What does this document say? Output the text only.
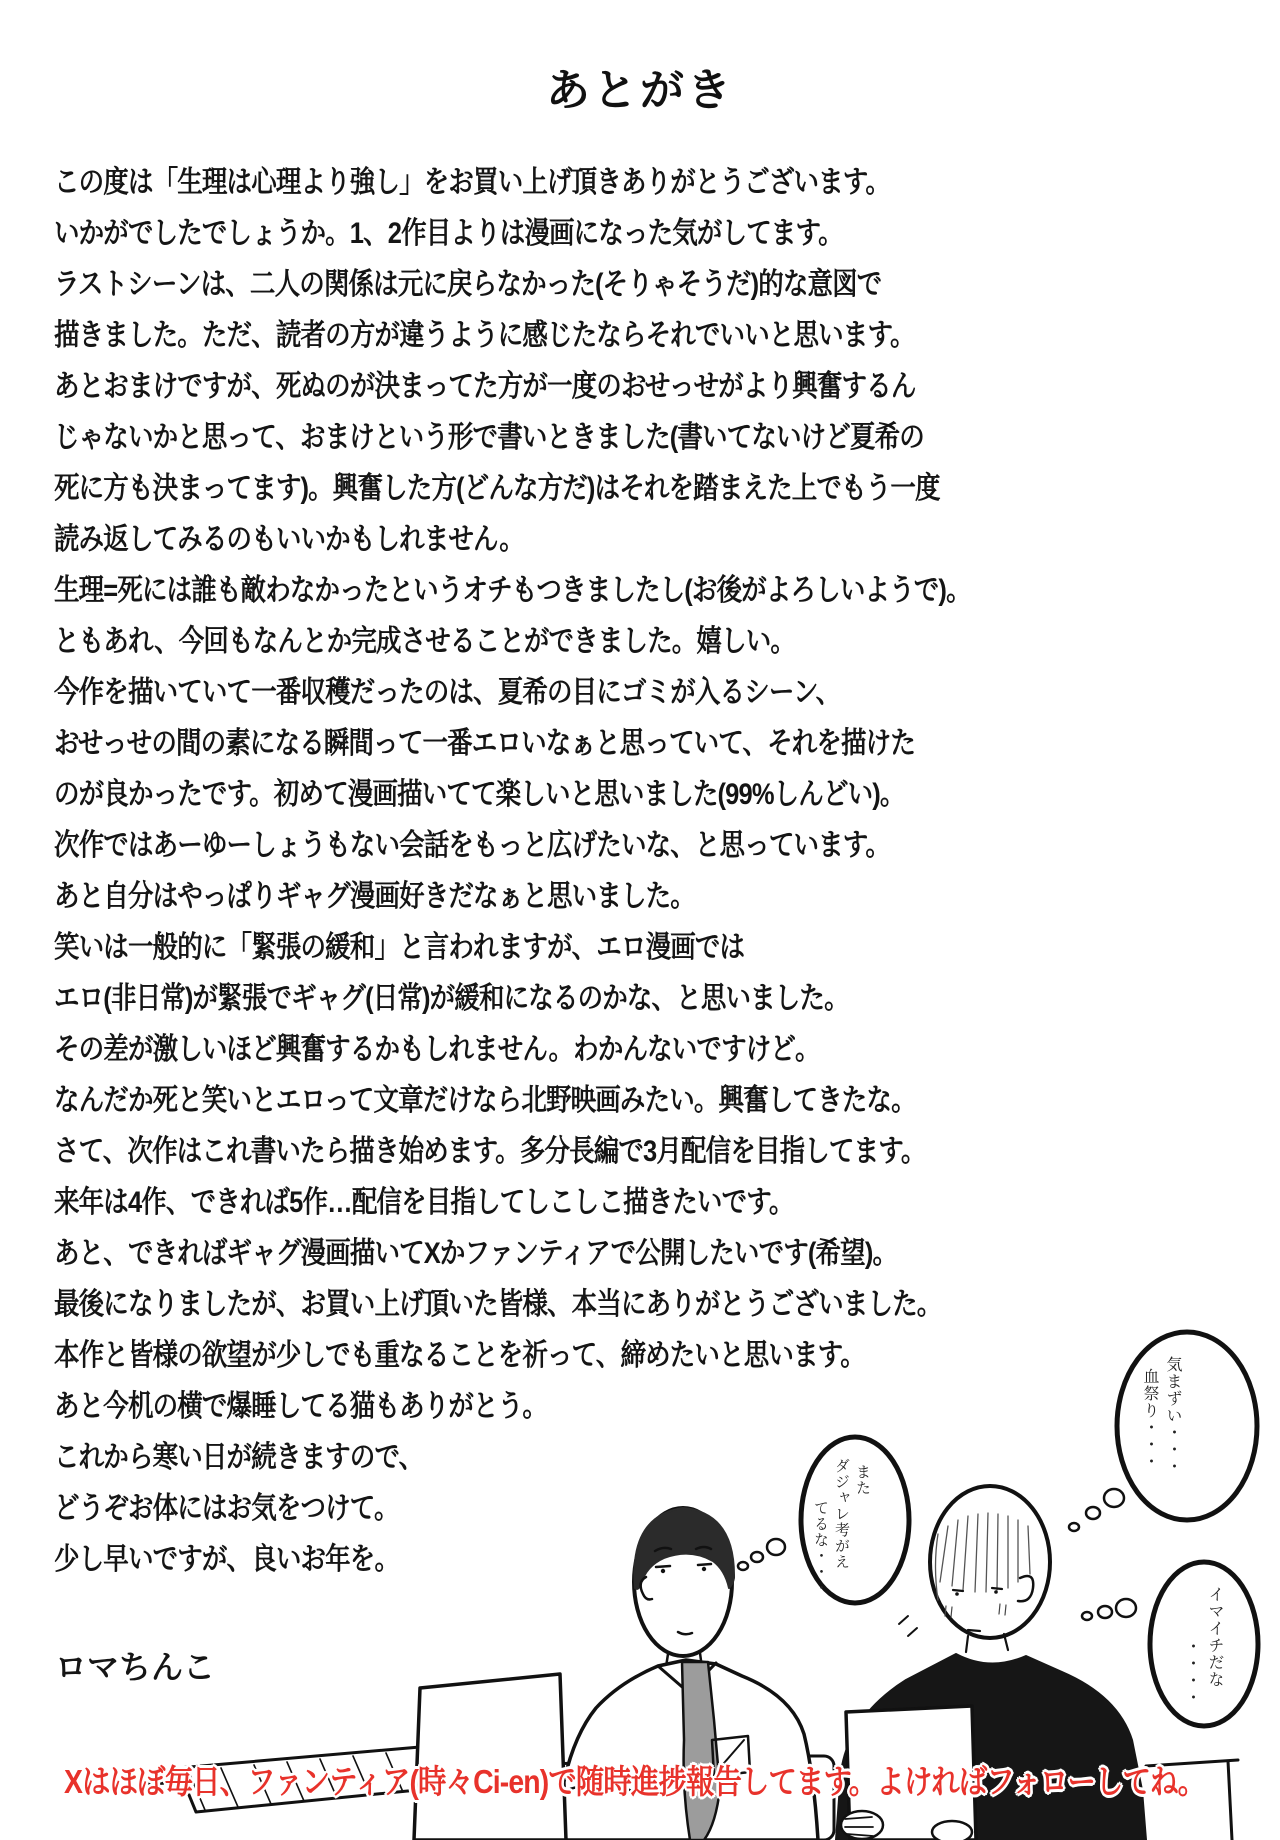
あとがき
この度は「生理は心理より強し」をお買い上げ頂きありがとうございます。
いかがでしたでしょうか。1、2作目よりは漫画になった気がしてます。
ラストシーンは、二人の関係は元に戻らなかった(そりゃそうだ)的な意図で
描きました。ただ、読者の方が違うように感じたならそれでいいと思います。
あとおまけですが、死ぬのが決まってた方が一度のおせっせがより興奮するん
じゃないかと思って、おまけという形で書いときました(書いてないけど夏希の
死に方も決まってます)。興奮した方(どんな方だ)はそれを踏まえた上でもう一度
読み返してみるのもいいかもしれません。
生理=死には誰も敵わなかったというオチもつきましたし(お後がよろしいようで)。
ともあれ、今回もなんとか完成させることができました。嬉しい。
今作を描いていて一番収穫だったのは、夏希の目にゴミが入るシーン、
おせっせの間の素になる瞬間って一番エロいなぁと思っていて、それを描けた
のが良かったです。初めて漫画描いてて楽しいと思いました(99%しんどい)。
次作ではあーゆーしょうもない会話をもっと広げたいな、と思っています。
あと自分はやっぱりギャグ漫画好きだなぁと思いました。
笑いは一般的に「緊張の緩和」と言われますが、エロ漫画では
エロ(非日常)が緊張でギャグ(日常)が緩和になるのかな、と思いました。
その差が激しいほど興奮するかもしれません。わかんないですけど。
なんだか死と笑いとエロって文章だけなら北野映画みたい。興奮してきたな。
さて、次作はこれ書いたら描き始めます。多分長編で3月配信を目指してます。
来年は4作、できれば5作…配信を目指してしこしこ描きたいです。
あと、できればギャグ漫画描いてXかファンティアで公開したいです(希望)。
最後になりましたが、お買い上げ頂いた皆様、本当にありがとうございました。
本作と皆様の欲望が少しでも重なることを祈って、締めたいと思います。
あと今机の横で爆睡してる猫もありがとう。
これから寒い日が続きますので、
どうぞお体にはお気をつけて。
少し早いですが、良いお年を。
ロマちんこ
また
ダジャレ考がえ
てるな・・・
気まずい・・・
血祭り・・・
イマイチだな
・・・・
Xはほぼ毎日、ファンティア(時々Ci-en)で随時進捗報告してます。よければフォローしてね。
